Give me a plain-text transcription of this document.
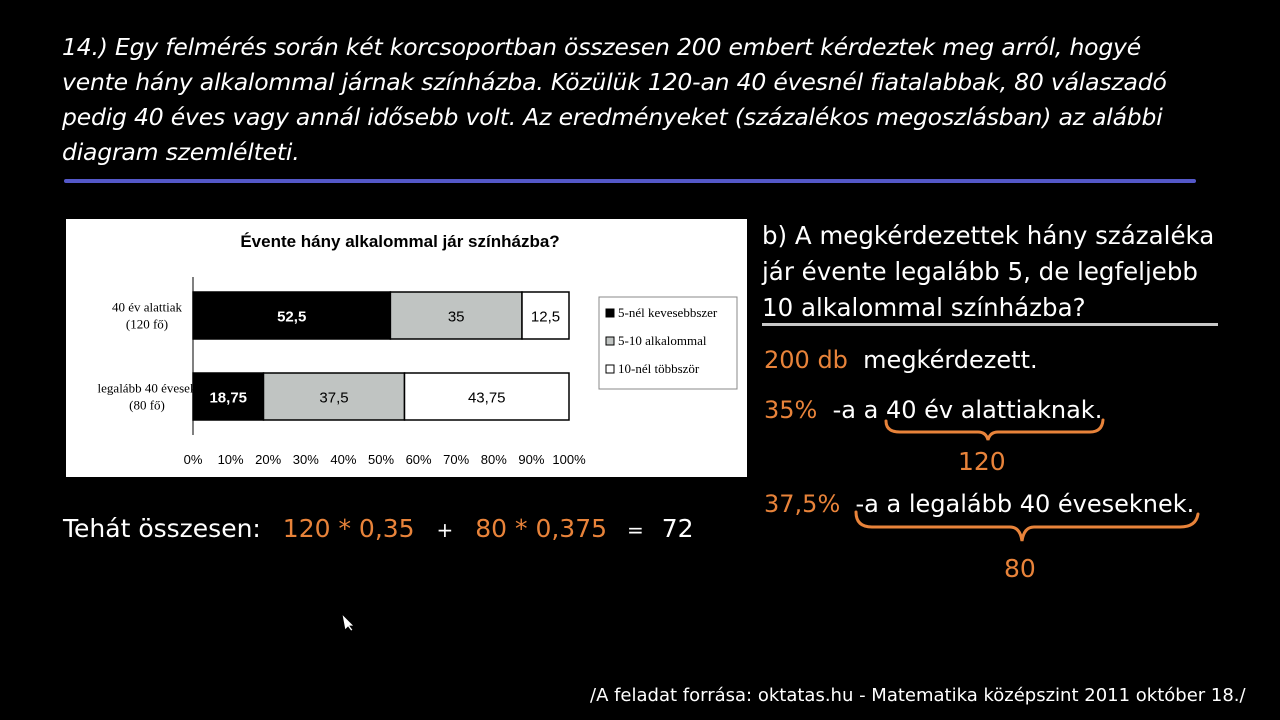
14.) Egy felmérés során két korcsoportban összesen 200 embert kérdeztek meg arról, hogyé vente hány alkalommal járnak színházba. Közülük 120-an 40 évesnél fiatalabbak, 80 válaszadó pedig 40 éves vagy annál idősebb volt. Az eredményeket (százalékos megoszlásban) az alábbi diagram szemlélteti.
Évente hány alkalommal jár színházba?
52,5	35	12,5
40 év alattiak
(120 fő)
18,75	37,5	43,75
legalább 40 évesek
(80 fő)
0% 10% 20% 30% 40% 50% 60% 70% 80% 90% 100%
5-nél kevesebbszer
5-10 alkalommal
10-nél többször
b) A megkérdezettek hány százaléka
jár évente legalább 5, de legfeljebb
10 alkalommal színházba?
200 db megkérdezett.
35% -a a 40 év alattiaknak.
120
37,5% -a a legalább 40 éveseknek.
80
Tehát összesen: 120 * 0,35 + 80 * 0,375 = 72
/A feladat forrása: oktatas.hu - Matematika középszint 2011 október 18./
